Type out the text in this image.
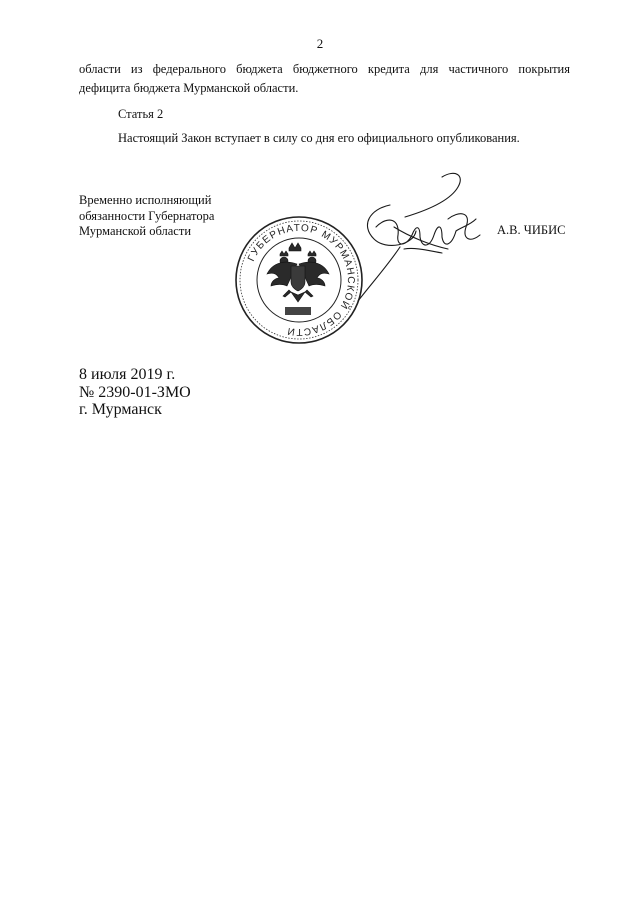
2
области из федерального бюджета бюджетного кредита для частичного покрытия
дефицита бюджета Мурманской области.
Статья 2
Настоящий Закон вступает в силу со дня его официального опубликования.
Временно исполняющий
обязанности Губернатора
Мурманской области
ГУБЕРНАТОР МУРМАНСКОЙ ОБЛАСТИ
А.В. ЧИБИС
8 июля 2019 г.
№ 2390-01-ЗМО
г. Мурманск
